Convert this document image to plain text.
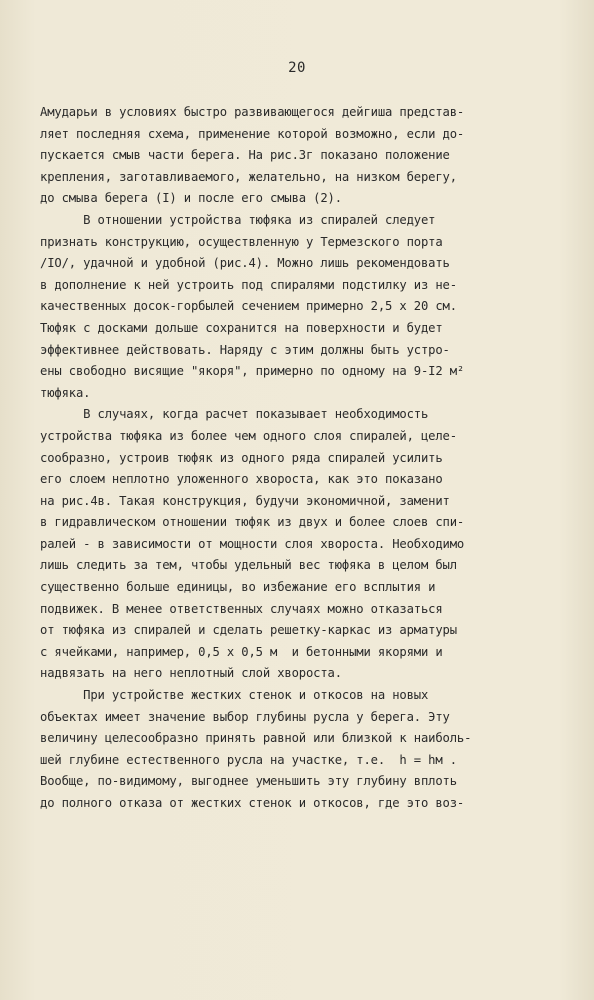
20
Амударьи в условиях быстро развивающегося дейгиша представ-
ляет последняя схема, применение которой возможно, если до-
пускается смыв части берега. На рис.3г показано положение
крепления, заготавливаемого, желательно, на низком берегу,
до смыва берега (I) и после его смыва (2).
В отношении устройства тюфяка из спиралей следует
признать конструкцию, осуществленную у Термезского порта
/IO/, удачной и удобной (рис.4). Можно лишь рекомендовать
в дополнение к ней устроить под спиралями подстилку из не-
качественных досок-горбылей сечением примерно 2,5 х 20 см.
Тюфяк с досками дольше сохранится на поверхности и будет
эффективнее действовать. Наряду с этим должны быть устро-
ены свободно висящие "якоря", примерно по одному на 9-I2 м²
тюфяка.
В случаях, когда расчет показывает необходимость
устройства тюфяка из более чем одного слоя спиралей, целе-
сообразно, устроив тюфяк из одного ряда спиралей усилить
его слоем неплотно уложенного хвороста, как это показано
на рис.4в. Такая конструкция, будучи экономичной, заменит
в гидравлическом отношении тюфяк из двух и более слоев спи-
ралей - в зависимости от мощности слоя хвороста. Необходимо
лишь следить за тем, чтобы удельный вес тюфяка в целом был
существенно больше единицы, во избежание его всплытия и
подвижек. В менее ответственных случаях можно отказаться
от тюфяка из спиралей и сделать решетку-каркас из арматуры
с ячейками, например, 0,5 х 0,5 м  и бетонными якорями и
надвязать на него неплотный слой хвороста.
При устройстве жестких стенок и откосов на новых
объектах имеет значение выбор глубины русла у берега. Эту
величину целесообразно принять равной или близкой к наиболь-
шей глубине естественного русла на участке, т.е.  h = hм .
Вообще, по-видимому, выгоднее уменьшить эту глубину вплоть
до полного отказа от жестких стенок и откосов, где это воз-
